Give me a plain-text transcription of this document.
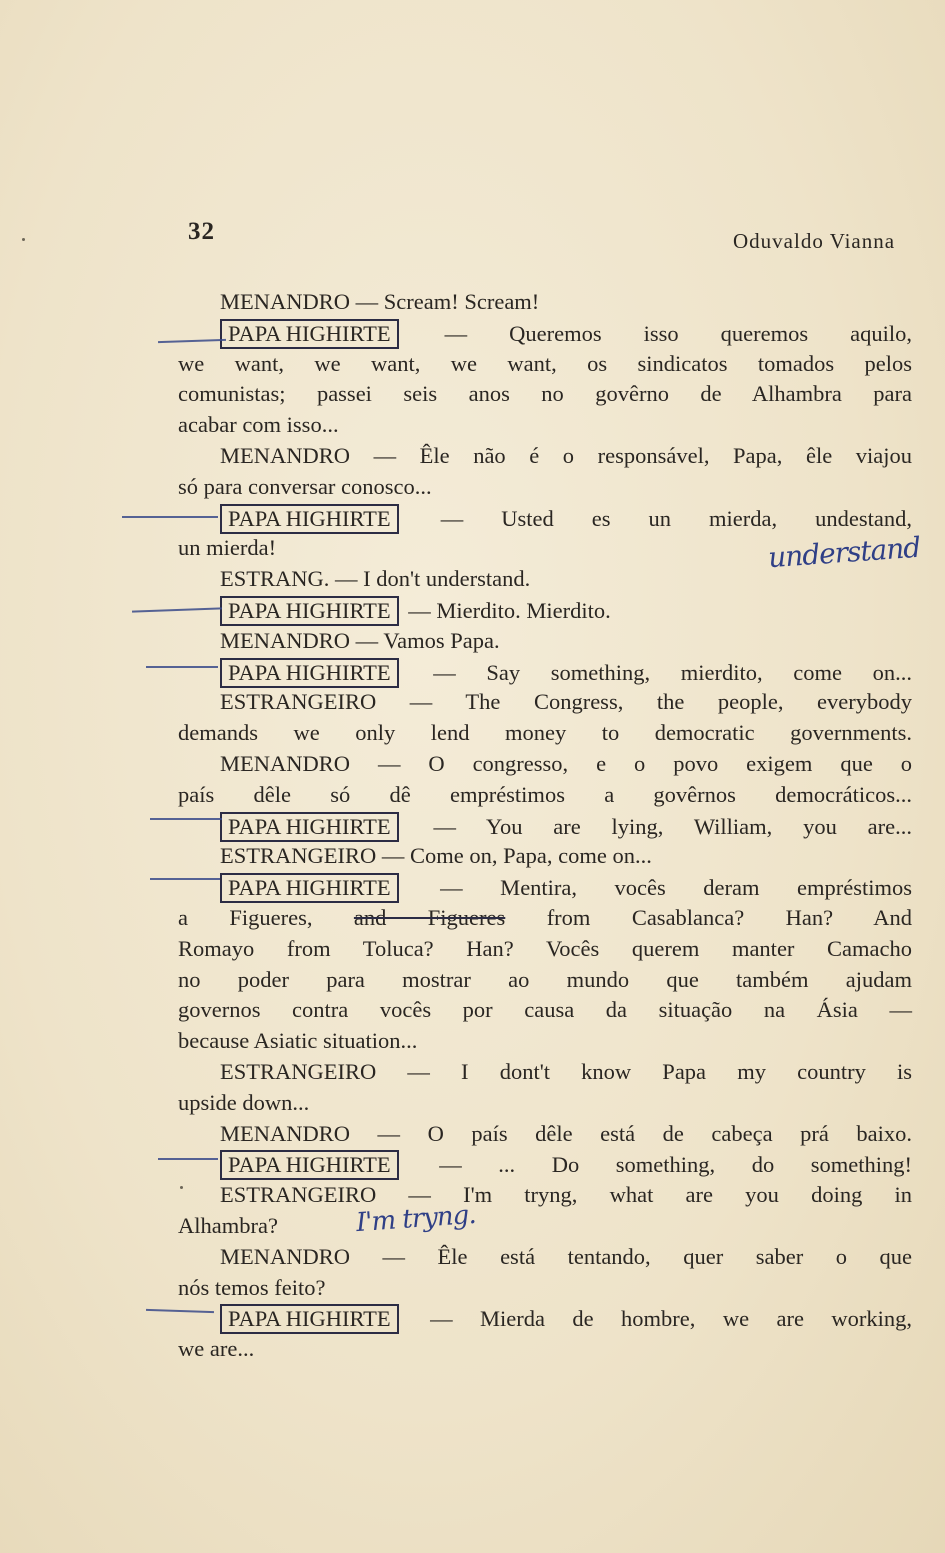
32	Oduvaldo Vianna
MENANDRO — Scream! Scream!
PAPA HIGHIRTE — Queremos isso queremos aquilo,
we want, we want, we want, os sindicatos tomados pelos
comunistas; passei seis anos no govêrno de Alhambra para
acabar com isso...
MENANDRO — Êle não é o responsável, Papa, êle viajou
só para conversar conosco...
PAPA HIGHIRTE — Usted es un mierda, undestand,
un mierda!
ESTRANG. — I don't understand.
PAPA HIGHIRTE — Mierdito. Mierdito.
MENANDRO — Vamos Papa.
PAPA HIGHIRTE — Say something, mierdito, come on...
ESTRANGEIRO — The Congress, the people, everybody
demands we only lend money to democratic governments.
MENANDRO — O congresso, e o povo exigem que o
país dêle só dê empréstimos a govêrnos democráticos...
PAPA HIGHIRTE — You are lying, William, you are...
ESTRANGEIRO — Come on, Papa, come on...
PAPA HIGHIRTE — Mentira, vocês deram empréstimos
a Figueres, and Figueres from Casablanca? Han? And
Romayo from Toluca? Han? Vocês querem manter Camacho
no poder para mostrar ao mundo que também ajudam
governos contra vocês por causa da situação na Ásia —
because Asiatic situation...
ESTRANGEIRO — I dont't know Papa my country is
upside down...
MENANDRO — O país dêle está de cabeça prá baixo.
PAPA HIGHIRTE — ... Do something, do something!
ESTRANGEIRO — I'm tryng, what are you doing in
Alhambra?
MENANDRO — Êle está tentando, quer saber o que
nós temos feito?
PAPA HIGHIRTE — Mierda de hombre, we are working,
we are...
understand
I'm tryng.
